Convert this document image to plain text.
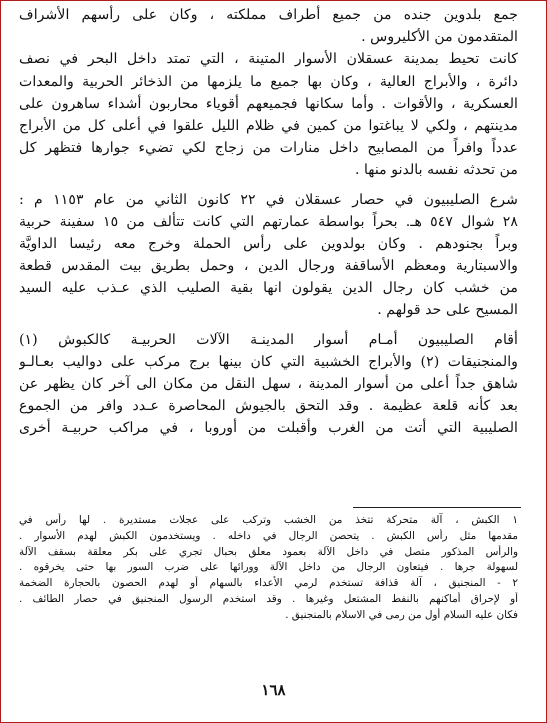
جمع بلدوين جنده من جميع أطراف مملكته ، وكان على رأسهم الأشراف
المتقدمون من الأكليروس .
كانت تحيط بمدينة عسقلان الأسوار المتينة ، التي تمتد داخل البحر في نصف
دائرة ، والأبراج العالية ، وكان بها جميع ما يلزمها من الذخائر الحربية والمعدات
العسكرية ، والأقوات . وأما سكانها فجميعهم أقوياء محاربون أشداء ساهرون على
مدينتهم ، ولكي لا يباغتوا من كمين في ظلام الليل علقوا في أعلى كل من الأبراج
عدداً وافراً من المصابيح داخل منارات من زجاج لكي تضيء جوارها فتظهر كل
من تحدثه نفسه بالدنو منها .
شرع الصليبيون في حصار عسقلان في ٢٢ كانون الثاني من عام ١١٥٣ م :
٢٨ شوال ٥٤٧ هـ. بحراً بواسطة عمارتهم التي كانت تتألف من ١٥ سفينة حربية
وبراً بجنودهم . وكان بولدوين على رأس الحملة وخرج معه رئيسا الداويَّة
والاسبتارية ومعظم الأساقفة ورجال الدين ، وحمل بطريق بيت المقدس قطعة
من خشب كان رجال الدين يقولون انها بقية الصليب الذي عـذب عليه السيد
المسيح على حد قولهم .
أقام الصليبيون أمـام أسوار المدينـة الآلات الحربيـة كالكبوش (١)
والمنجنيقات (٢) والأبراج الخشبية التي كان بينها برج مركب على دواليب بعـالـو
شاهق جداً أعلى من أسوار المدينة ، سهل النقل من مكان الى آخر كان يظهر عن
بعد كأنه قلعة عظيمة . وقد التحق بالجيوش المحاصرة عـدد وافر من الجموع
الصليبية التي أتت من الغرب وأقبلت من أوروبا ، في مراكب حربيـة أخرى
١ الكبش ، آلة متحركة تتخذ من الخشب وتركب على عجلات مستديرة . لها رأس في
مقدمها مثل رأس الكبش . يتحصن الرجال في داخله . ويستخدمون الكبش لهدم الأسوار .
والرأس المذكور متصل في داخل الآلة بعمود معلق بحبال تجري على بكر معلقة بسقف الآلة
لسهولة جرها . فيتعاون الرجال من داخل الآلة وورائها على ضرب السور بها حتى يخرقوه .
٢ - المنجنيق ، آلة قذافة تستخدم لرمي الأعداء بالسهام أو لهدم الحصون بالحجارة الضخمة
أو لإحراق أماكنهم بالنفط المشتعل وغيرها . وقد استخدم الرسول المنجنيق في حصار الطائف .
فكان عليه السلام أول من رمى في الاسلام بالمنجنيق .
١٦٨
